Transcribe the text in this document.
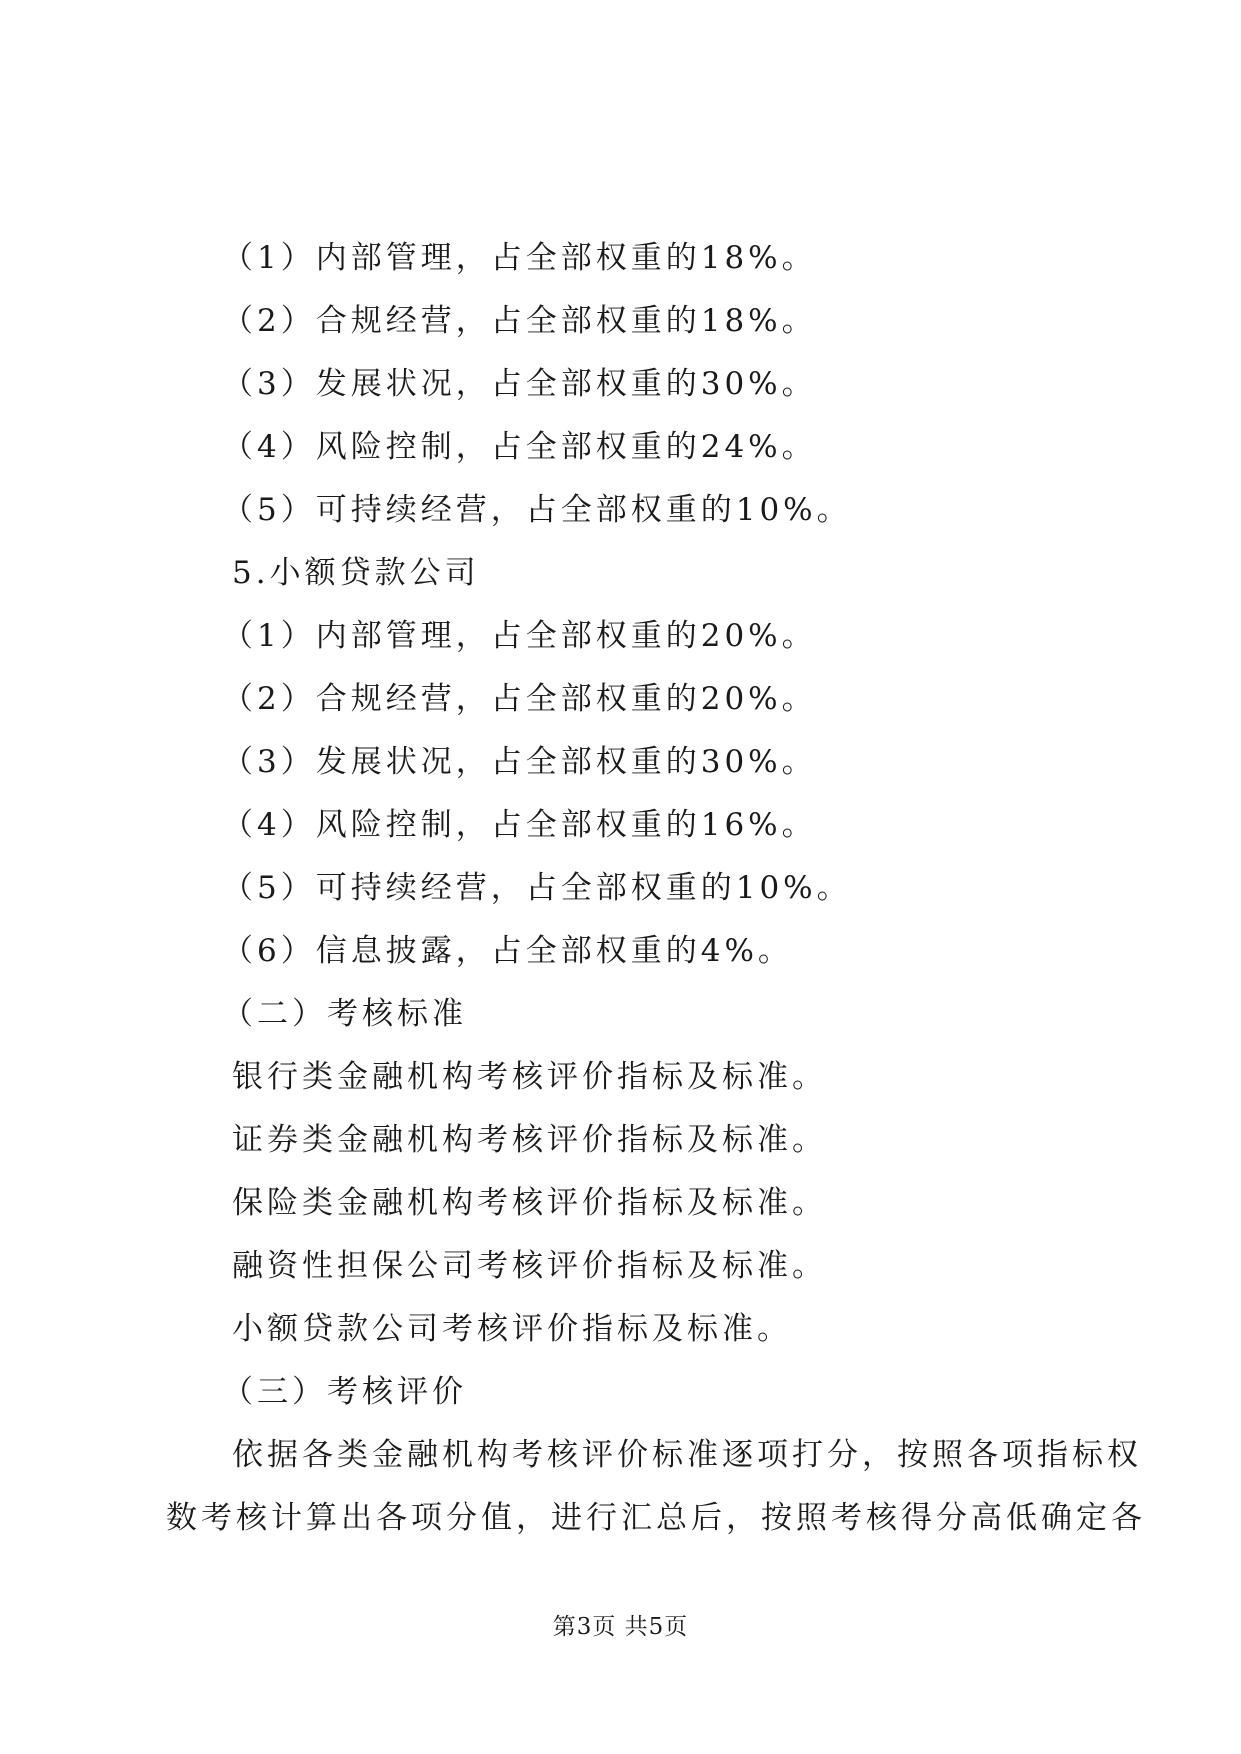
（1）内部管理，占全部权重的18%。
（2）合规经营，占全部权重的18%。
（3）发展状况，占全部权重的30%。
（4）风险控制，占全部权重的24%。
（5）可持续经营，占全部权重的10%。
5.小额贷款公司
（1）内部管理，占全部权重的20%。
（2）合规经营，占全部权重的20%。
（3）发展状况，占全部权重的30%。
（4）风险控制，占全部权重的16%。
（5）可持续经营，占全部权重的10%。
（6）信息披露，占全部权重的4%。
（二）考核标准
银行类金融机构考核评价指标及标准。
证券类金融机构考核评价指标及标准。
保险类金融机构考核评价指标及标准。
融资性担保公司考核评价指标及标准。
小额贷款公司考核评价指标及标准。
（三）考核评价
依据各类金融机构考核评价标准逐项打分，按照各项指标权
数考核计算出各项分值，进行汇总后，按照考核得分高低确定各
第3页 共5页
